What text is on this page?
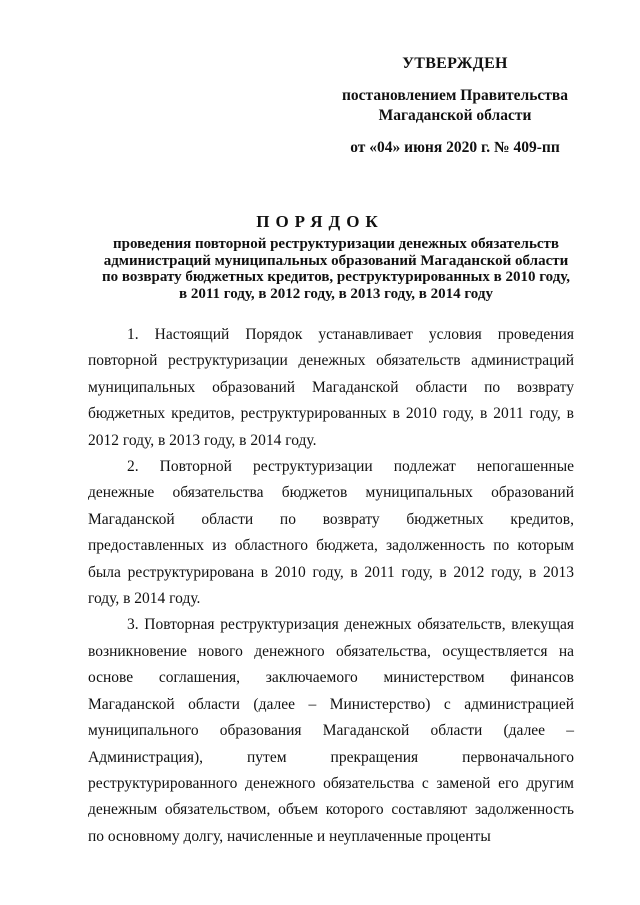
УТВЕРЖДЕН
постановлением Правительства
Магаданской области
от «04» июня 2020 г. № 409-пп
ПОРЯДОК
проведения повторной реструктуризации денежных обязательств
администраций муниципальных образований Магаданской области
по возврату бюджетных кредитов, реструктурированных в 2010 году,
в 2011 году, в 2012 году, в 2013 году, в 2014 году

1. Настоящий Порядок устанавливает условия проведения повторной реструктуризации денежных обязательств администраций муниципальных образований Магаданской области по возврату бюджетных кредитов, реструктурированных в 2010 году, в 2011 году, в 2012 году, в 2013 году, в 2014 году.

2. Повторной реструктуризации подлежат непогашенные денежные обязательства бюджетов муниципальных образований Магаданской области по возврату бюджетных кредитов, предоставленных из областного бюджета, задолженность по которым была реструктурирована в 2010 году, в 2011 году, в 2012 году, в 2013 году, в 2014 году.

3. Повторная реструктуризация денежных обязательств, влекущая возникновение нового денежного обязательства, осуществляется на основе соглашения, заключаемого министерством финансов Магаданской области (далее – Министерство) с администрацией муниципального образования Магаданской области (далее – Администрация), путем прекращения первоначального реструктурированного денежного обязательства с заменой его другим денежным обязательством, объем которого составляют задолженность по основному долгу, начисленные и неуплаченные проценты
